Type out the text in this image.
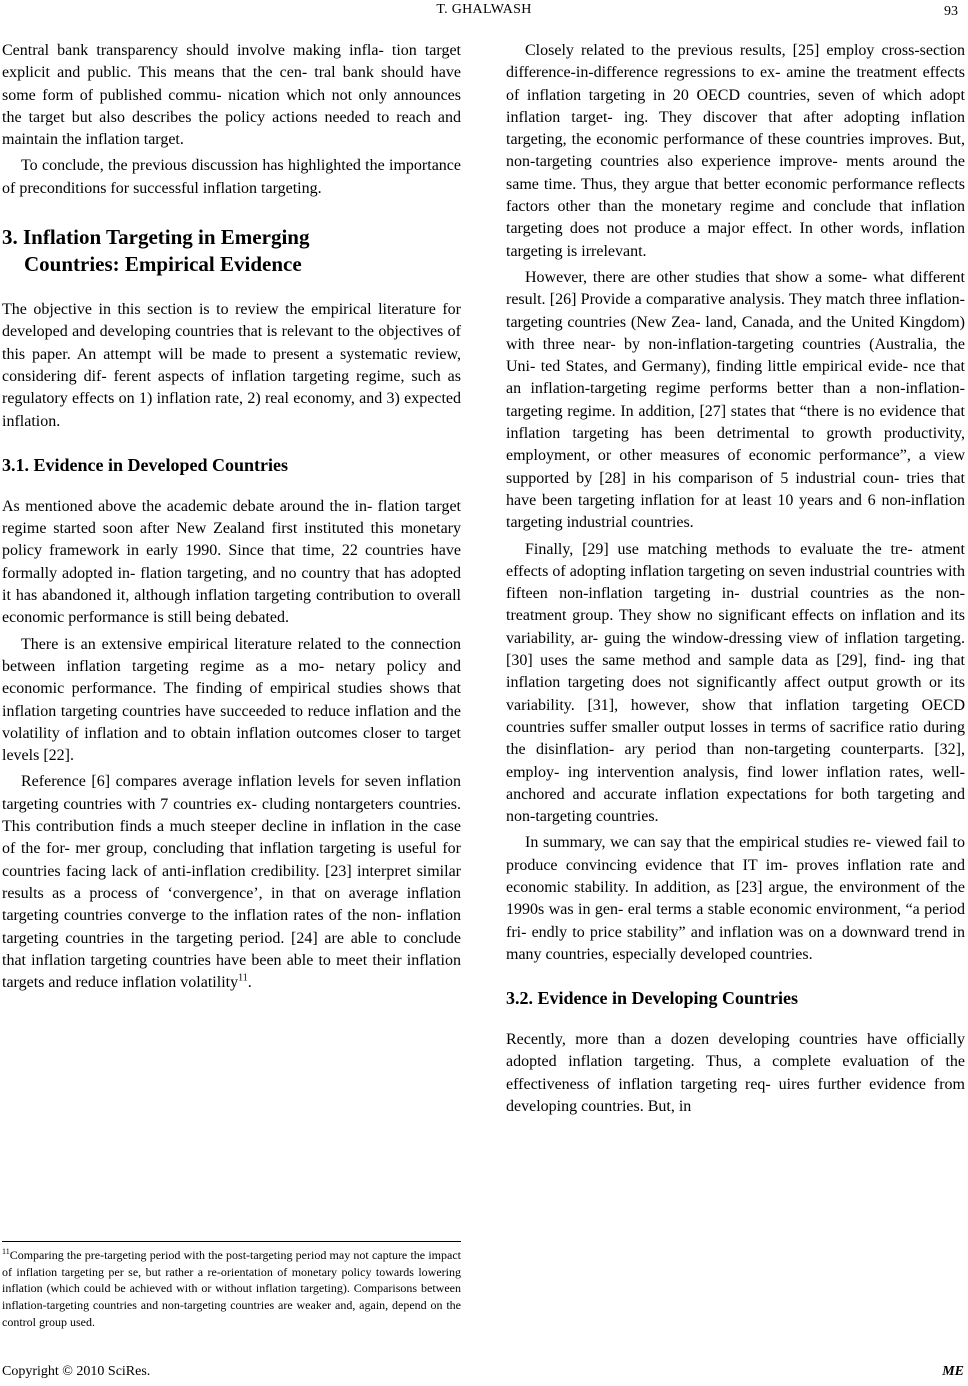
T. GHALWASH	93

Central bank transparency should involve making infla- tion target explicit and public. This means that the cen- tral bank should have some form of published commu- nication which not only announces the target but also describes the policy actions needed to reach and maintain the inflation target.

To conclude, the previous discussion has highlighted the importance of preconditions for successful inflation targeting.

3. Inflation Targeting in Emerging
Countries: Empirical Evidence

The objective in this section is to review the empirical literature for developed and developing countries that is relevant to the objectives of this paper. An attempt will be made to present a systematic review, considering dif- ferent aspects of inflation targeting regime, such as regulatory effects on 1) inflation rate, 2) real economy, and 3) expected inflation.

3.1. Evidence in Developed Countries

As mentioned above the academic debate around the in- flation target regime started soon after New Zealand first instituted this monetary policy framework in early 1990. Since that time, 22 countries have formally adopted in- flation targeting, and no country that has adopted it has abandoned it, although inflation targeting contribution to overall economic performance is still being debated.

There is an extensive empirical literature related to the connection between inflation targeting regime as a mo- netary policy and economic performance. The finding of empirical studies shows that inflation targeting countries have succeeded to reduce inflation and the volatility of inflation and to obtain inflation outcomes closer to target levels [22].

Reference [6] compares average inflation levels for seven inflation targeting countries with 7 countries ex- cluding nontargeters countries. This contribution finds a much steeper decline in inflation in the case of the for- mer group, concluding that inflation targeting is useful for countries facing lack of anti-inflation credibility. [23] interpret similar results as a process of ‘convergence’, in that on average inflation targeting countries converge to the inflation rates of the non- inflation targeting countries in the targeting period. [24] are able to conclude that inflation targeting countries have been able to meet their inflation targets and reduce inflation volatility$^{11}$.

$^{11}$Comparing the pre-targeting period with the post-targeting period may not capture the impact of inflation targeting per se, but rather a re-orientation of monetary policy towards lowering inflation (which could be achieved with or without inflation targeting). Comparisons between inflation-targeting countries and non-targeting countries are weaker and, again, depend on the control group used.

Closely related to the previous results, [25] employ cross-section difference-in-difference regressions to ex- amine the treatment effects of inflation targeting in 20 OECD countries, seven of which adopt inflation target- ing. They discover that after adopting inflation targeting, the economic performance of these countries improves. But, non-targeting countries also experience improve- ments around the same time. Thus, they argue that better economic performance reflects factors other than the monetary regime and conclude that inflation targeting does not produce a major effect. In other words, inflation targeting is irrelevant.

However, there are other studies that show a some- what different result. [26] Provide a comparative analysis. They match three inflation-targeting countries (New Zea- land, Canada, and the United Kingdom) with three near- by non-inflation-targeting countries (Australia, the Uni- ted States, and Germany), finding little empirical evide- nce that an inflation-targeting regime performs better than a non-inflation-targeting regime. In addition, [27] states that “there is no evidence that inflation targeting has been detrimental to growth productivity, employment, or other measures of economic performance”, a view supported by [28] in his comparison of 5 industrial coun- tries that have been targeting inflation for at least 10 years and 6 non-inflation targeting industrial countries.

Finally, [29] use matching methods to evaluate the tre- atment effects of adopting inflation targeting on seven industrial countries with fifteen non-inflation targeting in- dustrial countries as the non-treatment group. They show no significant effects on inflation and its variability, ar- guing the window-dressing view of inflation targeting. [30] uses the same method and sample data as [29], find- ing that inflation targeting does not significantly affect output growth or its variability. [31], however, show that inflation targeting OECD countries suffer smaller output losses in terms of sacrifice ratio during the disinflation- ary period than non-targeting counterparts. [32], employ- ing intervention analysis, find lower inflation rates, well- anchored and accurate inflation expectations for both targeting and non-targeting countries.

In summary, we can say that the empirical studies re- viewed fail to produce convincing evidence that IT im- proves inflation rate and economic stability. In addition, as [23] argue, the environment of the 1990s was in gen- eral terms a stable economic environment, “a period fri- endly to price stability” and inflation was on a downward trend in many countries, especially developed countries.

3.2. Evidence in Developing Countries

Recently, more than a dozen developing countries have officially adopted inflation targeting. Thus, a complete evaluation of the effectiveness of inflation targeting req- uires further evidence from developing countries. But, in

Copyright © 2010 SciRes.	ME
